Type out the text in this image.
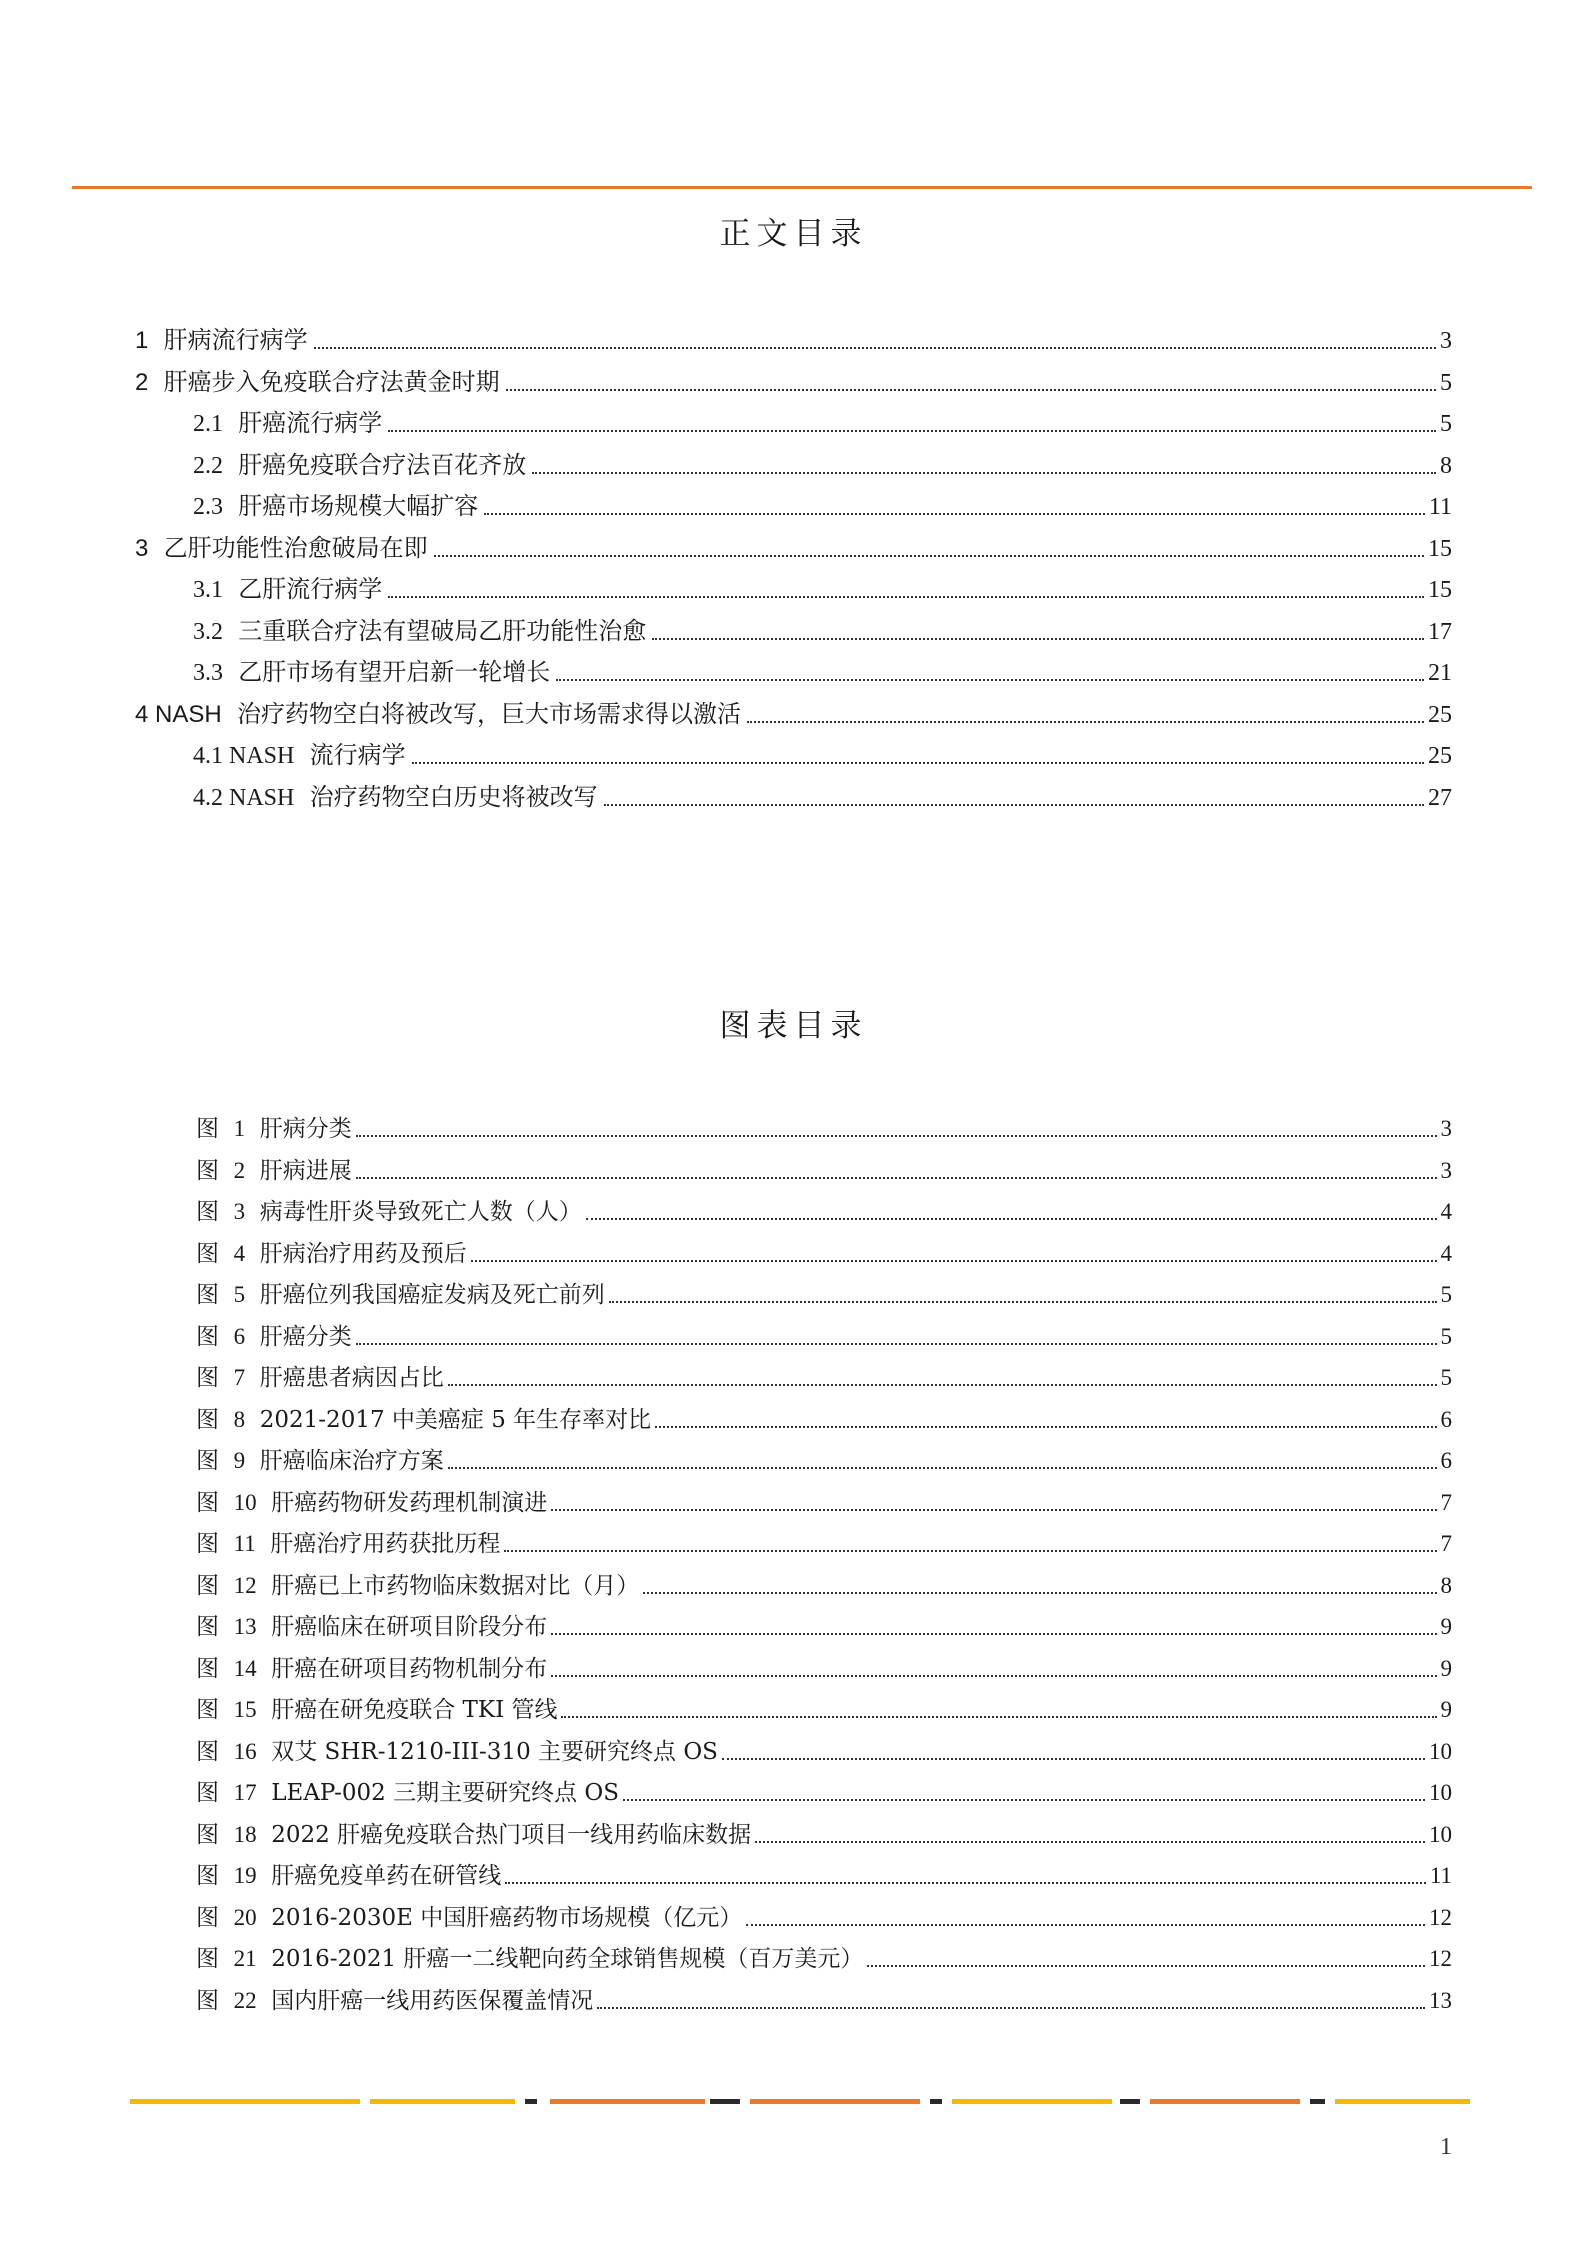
正文目录
1 肝病流行病学	3
2 肝癌步入免疫联合疗法黄金时期	5
2.1 肝癌流行病学	5
2.2 肝癌免疫联合疗法百花齐放	8
2.3 肝癌市场规模大幅扩容	11
3 乙肝功能性治愈破局在即	15
3.1 乙肝流行病学	15
3.2 三重联合疗法有望破局乙肝功能性治愈	17
3.3 乙肝市场有望开启新一轮增长	21
4 NASH 治疗药物空白将被改写，巨大市场需求得以激活	25
4.1 NASH 流行病学	25
4.2 NASH 治疗药物空白历史将被改写	27
图表目录
图 1 肝病分类	3
图 2 肝病进展	3
图 3 病毒性肝炎导致死亡人数（人）	4
图 4 肝病治疗用药及预后	4
图 5 肝癌位列我国癌症发病及死亡前列	5
图 6 肝癌分类	5
图 7 肝癌患者病因占比	5
图 8 2021-2017 中美癌症 5 年生存率对比	6
图 9 肝癌临床治疗方案	6
图 10 肝癌药物研发药理机制演进	7
图 11 肝癌治疗用药获批历程	7
图 12 肝癌已上市药物临床数据对比（月）	8
图 13 肝癌临床在研项目阶段分布	9
图 14 肝癌在研项目药物机制分布	9
图 15 肝癌在研免疫联合 TKI 管线	9
图 16 双艾 SHR-1210-III-310 主要研究终点 OS	10
图 17 LEAP-002 三期主要研究终点 OS	10
图 18 2022 肝癌免疫联合热门项目一线用药临床数据	10
图 19 肝癌免疫单药在研管线	11
图 20 2016-2030E 中国肝癌药物市场规模（亿元）	12
图 21 2016-2021 肝癌一二线靶向药全球销售规模（百万美元）	12
图 22 国内肝癌一线用药医保覆盖情况	13
1
